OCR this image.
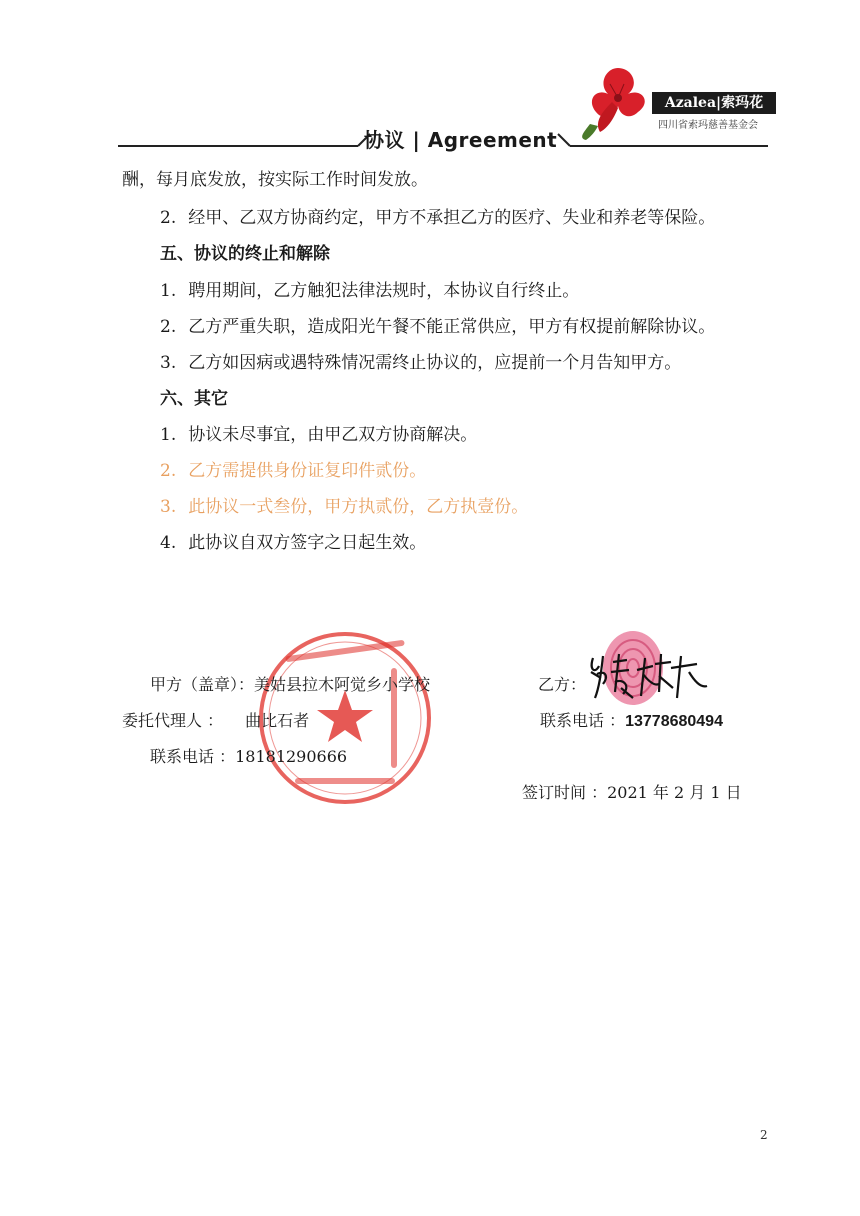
协议 | Agreement
Azalea|索玛花
四川省索玛慈善基金会
酬，每月底发放，按实际工作时间发放。
2. 经甲、乙双方协商约定，甲方不承担乙方的医疗、失业和养老等保险。
五、协议的终止和解除
1. 聘用期间，乙方触犯法律法规时，本协议自行终止。
2. 乙方严重失职，造成阳光午餐不能正常供应，甲方有权提前解除协议。
3. 乙方如因病或遇特殊情况需终止协议的，应提前一个月告知甲方。
六、其它
1. 协议未尽事宜，由甲乙双方协商解决。
2. 乙方需提供身份证复印件贰份。
3. 此协议一式叁份，甲方执贰份，乙方执壹份。
4. 此协议自双方签字之日起生效。
甲方（盖章）：美姑县拉木阿觉乡小学校	乙方：
委托代理人 ： 曲比石者	联系电话 ：13778680494
联系电话 ：18181290666
签订时间 ：2021 年 2 月 1 日
2
